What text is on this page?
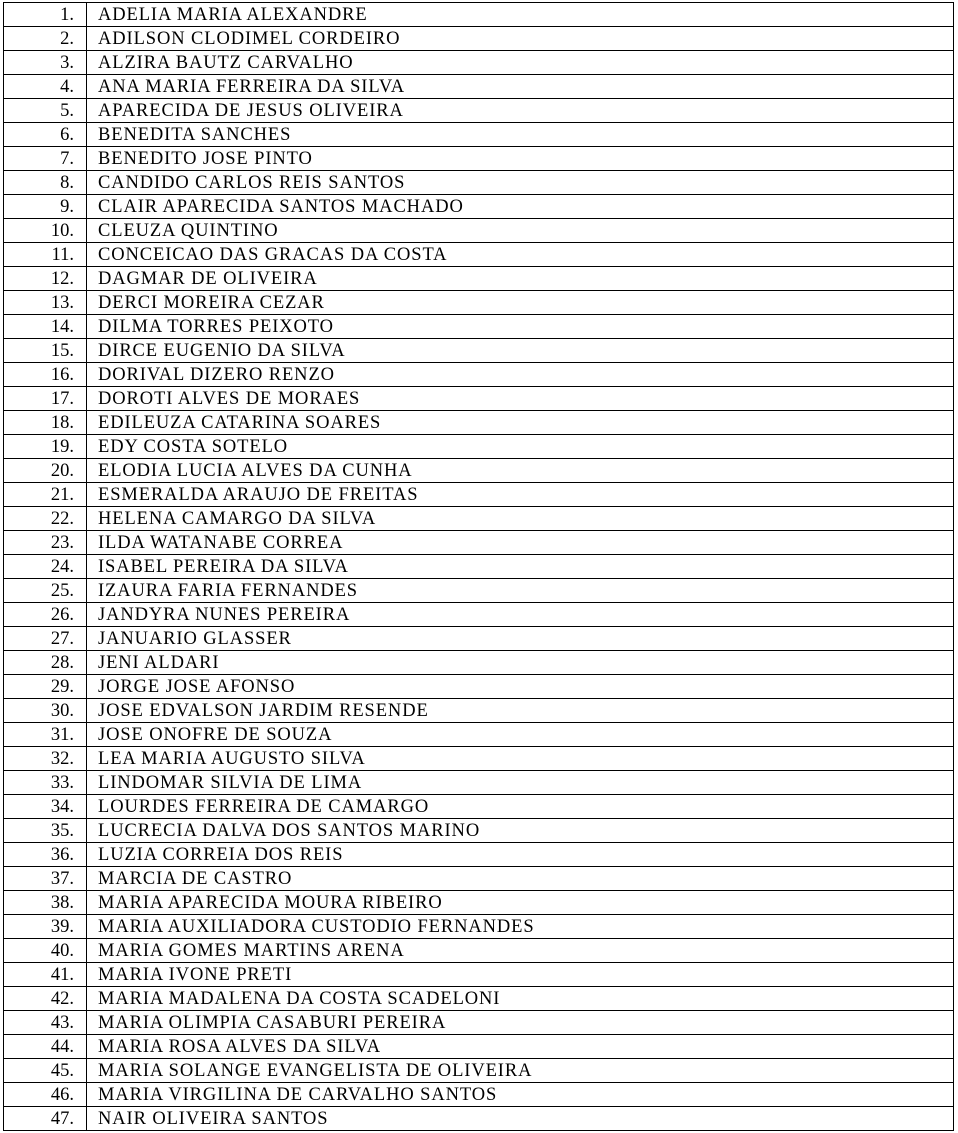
1.	ADELIA MARIA ALEXANDRE
2.	ADILSON CLODIMEL CORDEIRO
3.	ALZIRA BAUTZ CARVALHO
4.	ANA MARIA FERREIRA DA SILVA
5.	APARECIDA DE JESUS OLIVEIRA
6.	BENEDITA SANCHES
7.	BENEDITO JOSE PINTO
8.	CANDIDO CARLOS REIS SANTOS
9.	CLAIR APARECIDA SANTOS MACHADO
10.	CLEUZA QUINTINO
11.	CONCEICAO DAS GRACAS DA COSTA
12.	DAGMAR DE OLIVEIRA
13.	DERCI MOREIRA CEZAR
14.	DILMA TORRES PEIXOTO
15.	DIRCE EUGENIO DA SILVA
16.	DORIVAL DIZERO RENZO
17.	DOROTI ALVES DE MORAES
18.	EDILEUZA CATARINA SOARES
19.	EDY COSTA SOTELO
20.	ELODIA LUCIA ALVES DA CUNHA
21.	ESMERALDA ARAUJO DE FREITAS
22.	HELENA CAMARGO DA SILVA
23.	ILDA WATANABE CORREA
24.	ISABEL PEREIRA DA SILVA
25.	IZAURA FARIA FERNANDES
26.	JANDYRA NUNES PEREIRA
27.	JANUARIO GLASSER
28.	JENI ALDARI
29.	JORGE JOSE AFONSO
30.	JOSE EDVALSON JARDIM RESENDE
31.	JOSE ONOFRE DE SOUZA
32.	LEA MARIA AUGUSTO SILVA
33.	LINDOMAR SILVIA DE LIMA
34.	LOURDES FERREIRA DE CAMARGO
35.	LUCRECIA DALVA DOS SANTOS MARINO
36.	LUZIA CORREIA DOS REIS
37.	MARCIA DE CASTRO
38.	MARIA APARECIDA MOURA RIBEIRO
39.	MARIA AUXILIADORA CUSTODIO FERNANDES
40.	MARIA GOMES MARTINS ARENA
41.	MARIA IVONE PRETI
42.	MARIA MADALENA DA COSTA SCADELONI
43.	MARIA OLIMPIA CASABURI PEREIRA
44.	MARIA ROSA ALVES DA SILVA
45.	MARIA SOLANGE EVANGELISTA DE OLIVEIRA
46.	MARIA VIRGILINA DE CARVALHO SANTOS
47.	NAIR OLIVEIRA SANTOS
